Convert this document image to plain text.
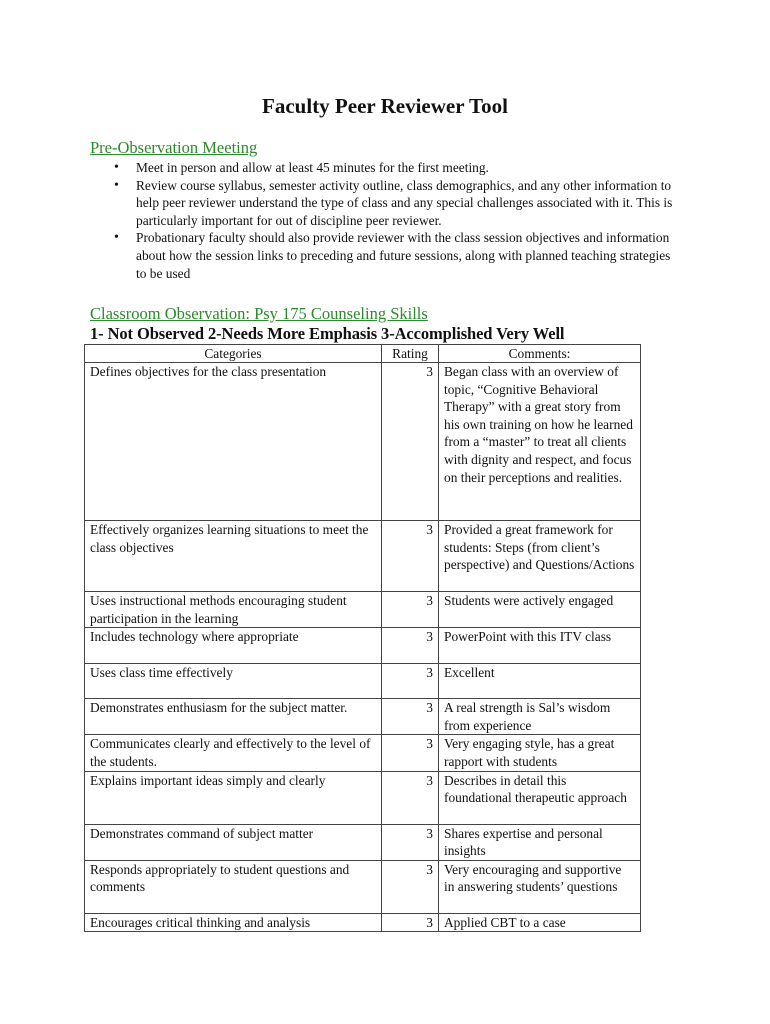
Faculty Peer Reviewer Tool
Pre-Observation Meeting
• Meet in person and allow at least 45 minutes for the first meeting.
• Review course syllabus, semester activity outline, class demographics, and any other information to help peer reviewer understand the type of class and any special challenges associated with it. This is particularly important for out of discipline peer reviewer.
• Probationary faculty should also provide reviewer with the class session objectives and information about how the session links to preceding and future sessions, along with planned teaching strategies to be used
Classroom Observation: Psy 175 Counseling Skills
1- Not Observed 2-Needs More Emphasis 3-Accomplished Very Well
Categories	Rating	Comments:
Defines objectives for the class presentation	3	Began class with an overview of topic, “Cognitive Behavioral Therapy” with a great story from his own training on how he learned from a “master” to treat all clients with dignity and respect, and focus on their perceptions and realities.

Effectively organizes learning situations to meet the class objectives	3	Provided a great framework for students: Steps (from client’s perspective) and Questions/Actions

Uses instructional methods encouraging student participation in the learning	3	Students were actively engaged

Includes technology where appropriate	3	PowerPoint with this ITV class

Uses class time effectively	3	Excellent

Demonstrates enthusiasm for the subject matter.	3	A real strength is Sal’s wisdom from experience

Communicates clearly and effectively to the level of the students.	3	Very engaging style, has a great rapport with students

Explains important ideas simply and clearly	3	Describes in detail this foundational therapeutic approach

Demonstrates command of subject matter	3	Shares expertise and personal insights

Responds appropriately to student questions and comments	3	Very encouraging and supportive in answering students’ questions

Encourages critical thinking and analysis	3	Applied CBT to a case
